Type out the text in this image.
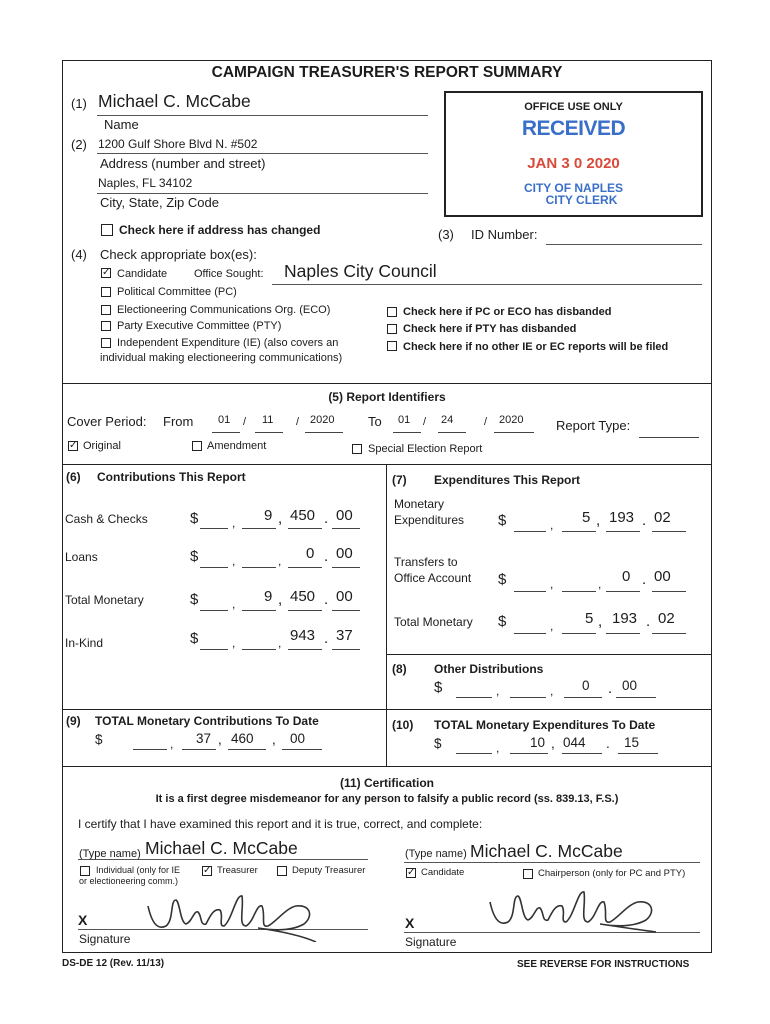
CAMPAIGN TREASURER'S REPORT SUMMARY
(1) Michael C. McCabe
Name
(2) 1200 Gulf Shore Blvd N. #502
Address (number and street)
Naples, FL 34102
City, State, Zip Code
Check here if address has changed
OFFICE USE ONLY
RECEIVED
JAN 3 0 2020
CITY OF NAPLES
CITY CLERK
(3) ID Number:
(4) Check appropriate box(es):
✓ Candidate Office Sought: Naples City Council
Political Committee (PC)
Electioneering Communications Org. (ECO)
Party Executive Committee (PTY)
Independent Expenditure (IE) (also covers an
individual making electioneering communications)
Check here if PC or ECO has disbanded
Check here if PTY has disbanded
Check here if no other IE or EC reports will be filed
(5) Report Identifiers
Cover Period: From 01 / 11 / 2020	To 01 / 24	/ 2020	Report Type:
✓ Original	Amendment	Special Election Report
(6) Contributions This Report
Cash & Checks	$	, 9 , 450 . 00
Loans	$	,	, 0 . 00
Total Monetary	$	, 9 , 450 . 00
In-Kind	$	,	, 943 . 37
(7) Expenditures This Report
Monetary
Expenditures $	, 5 , 193 . 02
Transfers to
Office Account $	,	, 0 . 00
Total Monetary $	, 5 , 193 . 02
(8) Other Distributions
$	,	, 0 . 00
(9) TOTAL Monetary Contributions To Date
$	, 37 , 460 , 00
(10) TOTAL Monetary Expenditures To Date
$	, 10 , 044 . 15
(11) Certification
It is a first degree misdemeanor for any person to falsify a public record (ss. 839.13, F.S.)
I certify that I have examined this report and it is true, correct, and complete:
(Type name) Michael C. McCabe	(Type name) Michael C. McCabe
Individual (only for IE
or electioneering comm.)
✓ Treasurer	Deputy Treasurer	✓ Candidate	Chairperson (only for PC and PTY)
X
Signature
X
Signature
DS-DE 12 (Rev. 11/13)	SEE REVERSE FOR INSTRUCTIONS
